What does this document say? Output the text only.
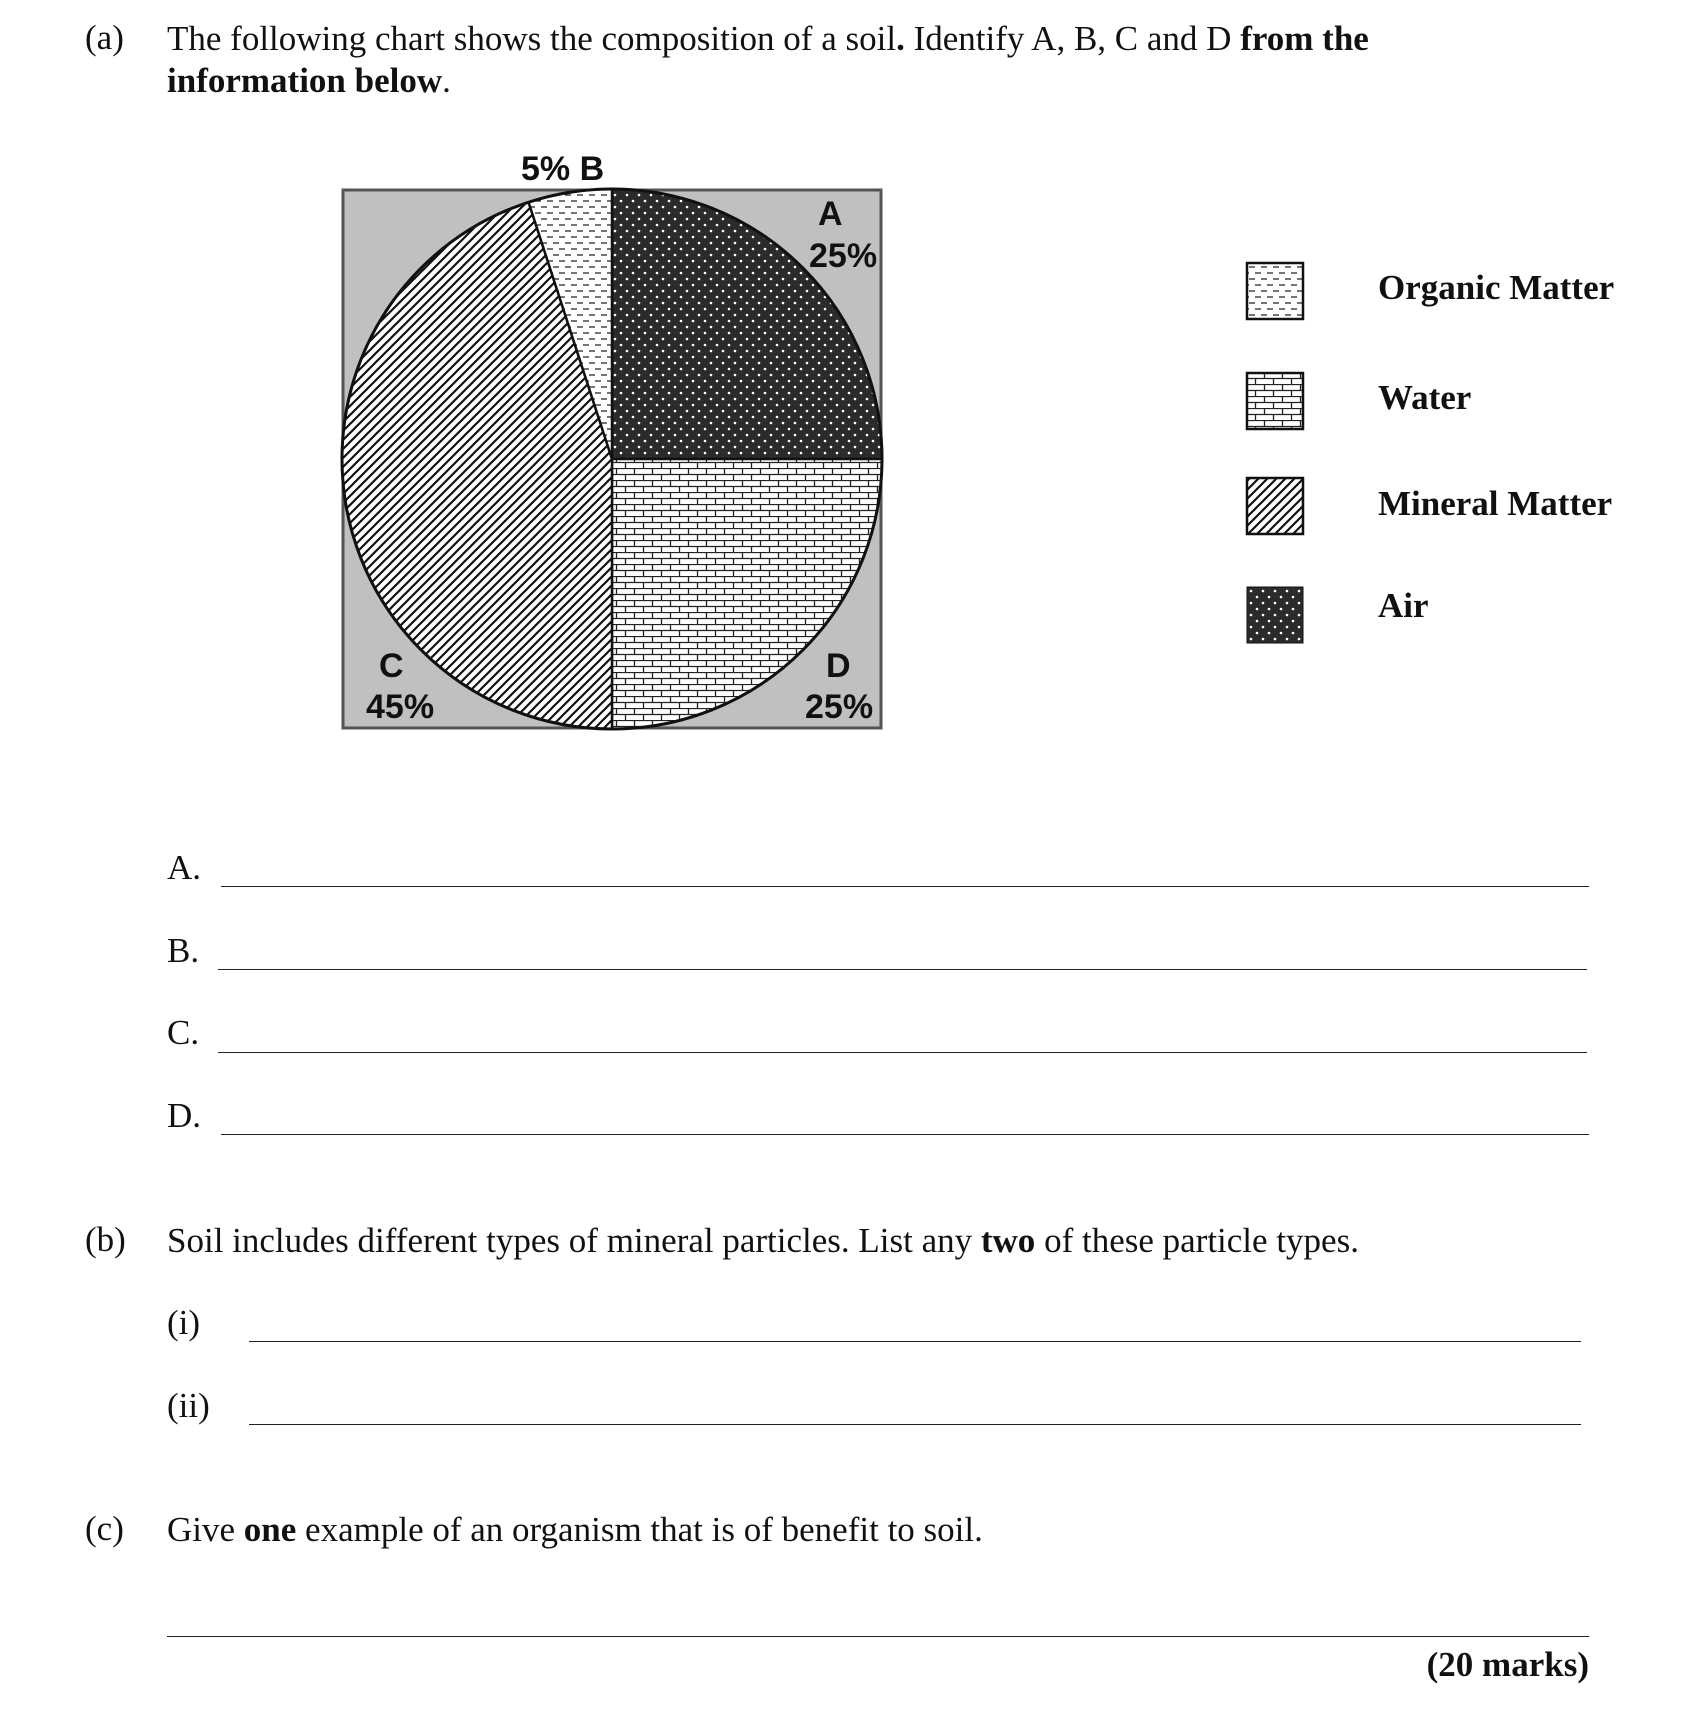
(a) The following chart shows the composition of a soil. Identify A, B, C and D from the information below.
5% B
A
25%
C
45%
D
25%
Organic Matter
Water
Mineral Matter
Air
A.
B.
C.
D.
(b) Soil includes different types of mineral particles. List any two of these particle types.
(i)
(ii)
(c) Give one example of an organism that is of benefit to soil.
(20 marks)
